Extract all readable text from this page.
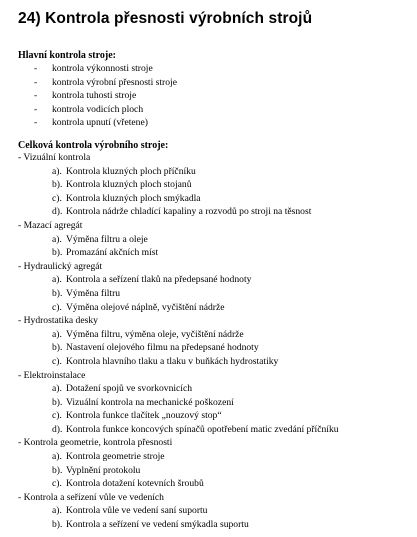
24) Kontrola přesnosti výrobních strojů
Hlavní kontrola stroje:
- kontrola výkonnosti stroje
- kontrola výrobní přesnosti stroje
- kontrola tuhosti stroje
- kontrola vodicích ploch
- kontrola upnutí (vřetene)
Celková kontrola výrobního stroje:
- Vizuální kontrola
a). Kontrola kluzných ploch příčníku
b). Kontrola kluzných ploch stojanů
c). Kontrola kluzných ploch smýkadla
d). Kontrola nádrže chladící kapaliny a rozvodů po stroji na těsnost
- Mazací agregát
a). Výměna filtru a oleje
b). Promazání akčních míst
- Hydraulický agregát
a). Kontrola a seřízení tlaků na předepsané hodnoty
b). Výměna filtru
c). Výměna olejové náplně, vyčištění nádrže
- Hydrostatika desky
a). Výměna filtru, výměna oleje, vyčištění nádrže
b). Nastavení olejového filmu na předepsané hodnoty
c). Kontrola hlavního tlaku a tlaku v buňkách hydrostatiky
- Elektroinstalace
a). Dotažení spojů ve svorkovnicích
b). Vizuální kontrola na mechanické poškození
c). Kontrola funkce tlačítek „nouzový stop“
d). Kontrola funkce koncových spínačů opotřebení matic zvedání příčníku
- Kontrola geometrie, kontrola přesnosti
a). Kontrola geometrie stroje
b). Vyplnění protokolu
c). Kontrola dotažení kotevních šroubů
- Kontrola a seřízení vůle ve vedeních
a). Kontrola vůle ve vedení saní suportu
b). Kontrola a seřízení ve vedení smýkadla suportu
